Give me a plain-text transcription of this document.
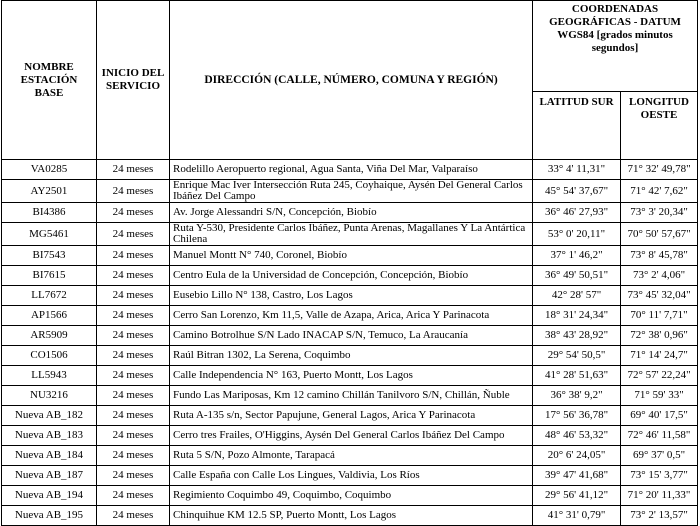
NOMBRE ESTACIÓN BASE	INICIO DEL SERVICIO	DIRECCIÓN (CALLE, NÚMERO, COMUNA Y REGIÓN)	COORDENADAS GEOGRÁFICAS - DATUM WGS84 [grados minutos segundos]	
			LATITUD SUR	LONGITUD OESTE
VA0285	24 meses	Rodelillo Aeropuerto regional, Agua Santa, Viña Del Mar, Valparaíso	33° 4' 11,31"	71° 32' 49,78"
AY2501	24 meses	Enrique Mac Iver Intersección Ruta 245, Coyhaique, Aysén Del General Carlos Ibáñez Del Campo	45° 54' 37,67"	71° 42' 7,62"
BI4386	24 meses	Av. Jorge Alessandri S/N, Concepción, Biobío	36° 46' 27,93"	73° 3' 20,34"
MG5461	24 meses	Ruta Y-530, Presidente Carlos Ibáñez, Punta Arenas, Magallanes Y La Antártica Chilena	53° 0' 20,11"	70° 50' 57,67"
BI7543	24 meses	Manuel Montt N° 740, Coronel, Biobío	37° 1' 46,2"	73° 8' 45,78"
BI7615	24 meses	Centro Eula de la Universidad de Concepción, Concepción, Biobío	36° 49' 50,51"	73° 2' 4,06"
LL7672	24 meses	Eusebio Lillo N° 138, Castro, Los Lagos	42° 28' 57"	73° 45' 32,04"
AP1566	24 meses	Cerro San Lorenzo, Km 11,5, Valle de Azapa, Arica, Arica Y Parinacota	18° 31' 24,34"	70° 11' 7,71"
AR5909	24 meses	Camino Botrolhue S/N Lado INACAP S/N, Temuco, La Araucanía	38° 43' 28,92"	72° 38' 0,96"
CO1506	24 meses	Raúl Bitran 1302, La Serena, Coquimbo	29° 54' 50,5"	71° 14' 24,7"
LL5943	24 meses	Calle Independencia N° 163, Puerto Montt, Los Lagos	41° 28' 51,63"	72° 57' 22,24"
NU3216	24 meses	Fundo Las Mariposas, Km 12 camino Chillán Tanilvoro S/N, Chillán, Ñuble	36° 38' 9,2"	71° 59' 33"
Nueva AB_182	24 meses	Ruta A-135 s/n, Sector Papujune, General Lagos, Arica Y Parinacota	17° 56' 36,78"	69° 40' 17,5"
Nueva AB_183	24 meses	Cerro tres Frailes, O'Higgins, Aysén Del General Carlos Ibáñez Del Campo	48° 46' 53,32"	72° 46' 11,58"
Nueva AB_184	24 meses	Ruta 5 S/N, Pozo Almonte, Tarapacá	20° 6' 24,05"	69° 37' 0,5"
Nueva AB_187	24 meses	Calle España con Calle Los Lingues, Valdivia, Los Ríos	39° 47' 41,68"	73° 15' 3,77"
Nueva AB_194	24 meses	Regimiento Coquimbo 49, Coquimbo, Coquimbo	29° 56' 41,12"	71° 20' 11,33"
Nueva AB_195	24 meses	Chinquihue KM 12.5 SP, Puerto Montt, Los Lagos	41° 31' 0,79"	73° 2' 13,57"
